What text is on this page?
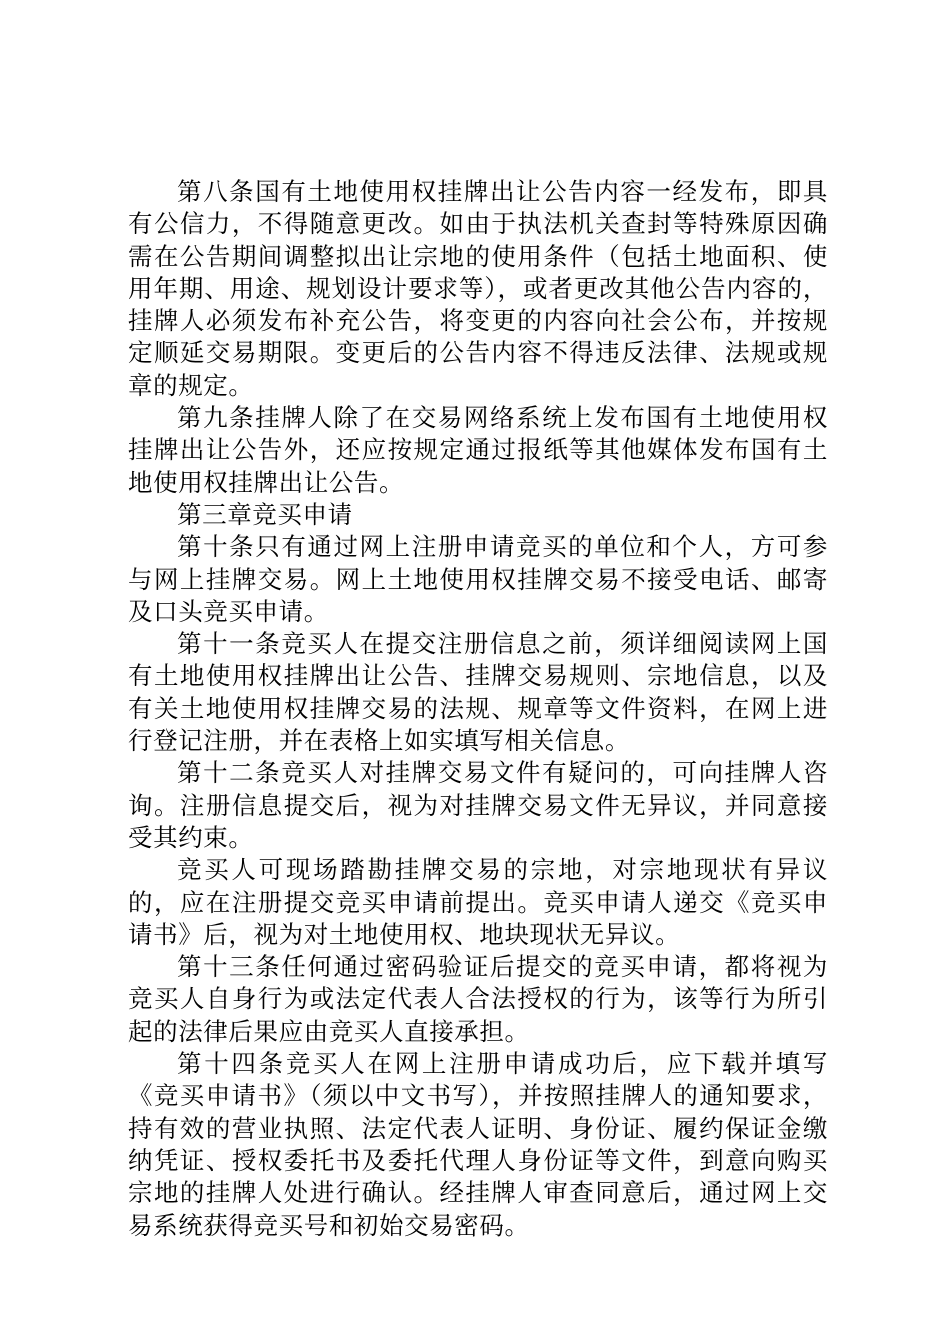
第八条国有土地使用权挂牌出让公告内容一经发布，即具有公信力，不得随意更改。如由于执法机关查封等特殊原因确需在公告期间调整拟出让宗地的使用条件（包括土地面积、使用年期、用途、规划设计要求等），或者更改其他公告内容的，挂牌人必须发布补充公告，将变更的内容向社会公布，并按规定顺延交易期限。变更后的公告内容不得违反法律、法规或规章的规定。

第九条挂牌人除了在交易网络系统上发布国有土地使用权挂牌出让公告外，还应按规定通过报纸等其他媒体发布国有土地使用权挂牌出让公告。

第三章竞买申请

第十条只有通过网上注册申请竞买的单位和个人，方可参与网上挂牌交易。网上土地使用权挂牌交易不接受电话、邮寄及口头竞买申请。

第十一条竞买人在提交注册信息之前，须详细阅读网上国有土地使用权挂牌出让公告、挂牌交易规则、宗地信息，以及有关土地使用权挂牌交易的法规、规章等文件资料，在网上进行登记注册，并在表格上如实填写相关信息。

第十二条竞买人对挂牌交易文件有疑问的，可向挂牌人咨询。注册信息提交后，视为对挂牌交易文件无异议，并同意接受其约束。

竞买人可现场踏勘挂牌交易的宗地，对宗地现状有异议的，应在注册提交竞买申请前提出。竞买申请人递交《竞买申请书》后，视为对土地使用权、地块现状无异议。

第十三条任何通过密码验证后提交的竞买申请，都将视为竞买人自身行为或法定代表人合法授权的行为，该等行为所引起的法律后果应由竞买人直接承担。

第十四条竞买人在网上注册申请成功后，应下载并填写《竞买申请书》（须以中文书写），并按照挂牌人的通知要求，持有效的营业执照、法定代表人证明、身份证、履约保证金缴纳凭证、授权委托书及委托代理人身份证等文件，到意向购买宗地的挂牌人处进行确认。经挂牌人审查同意后，通过网上交易系统获得竞买号和初始交易密码。
